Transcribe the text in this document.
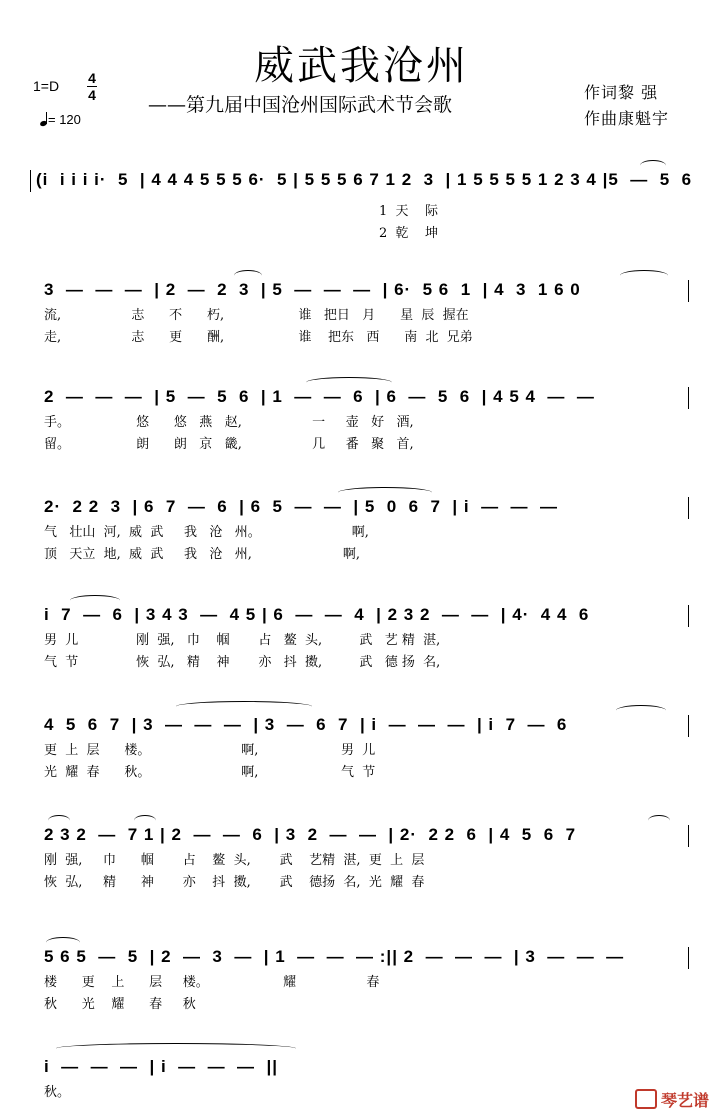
威武我沧州
——第九届中国沧州国际武术节会歌
作词黎 强
作曲康魁宇
1=D 4
4
= 120
(i  i i i i·  5  | 4 4 4 5 5 5 6·  5 | 5 5 5 6 7 1 2  3  | 1 5 5 5 5 1 2 3 4 |5  —  5  6
1  天    际
2  乾    坤
3  —  —  —  | 2  —  2  3  | 5  —  —  —  | 6·  5 6  1  | 4  3  1 6 0
流,                 志      不      朽,                  谁   把日   月      星  辰  握在
走,                 志      更      酬,                  谁    把东   西      南  北  兄弟
2  —  —  —  | 5  —  5  6  | 1  —  —  6  | 6  —  5  6  | 4 5 4  —  —
手。                悠      悠   燕   赵,                 一     壶   好   酒,
留。                朗      朗   京   畿,                 几     番   聚   首,
2·  2 2  3  | 6  7  —  6  | 6  5  —  —  | 5  0  6  7  | i  —  —  —
气   壮山  河,  威  武     我   沧   州。                      啊,
顶   天立  地,  威  武     我   沧   州,                      啊,
i  7  —  6  | 3 4 3  —  4 5 | 6  —  —  4  | 2 3 2  —  —  | 4·  4 4  6
男  儿              刚  强,   巾    帼       占   鳌  头,         武   艺 精  湛,
气  节              恢  弘,   精    神       亦   抖  擞,         武   德 扬  名,
4  5  6  7  | 3  —  —  —  | 3  —  6  7  | i  —  —  —  | i  7  —  6
更  上  层      楼。                      啊,                    男  儿
光  耀  春      秋。                      啊,                    气  节
2 3 2  —  7 1 | 2  —  —  6  | 3  2  —  —  | 2·  2 2  6  | 4  5  6  7
刚  强,     巾      帼       占    鳌  头,       武    艺精  湛,  更  上  层
恢  弘,     精      神       亦    抖  擞,       武    德扬  名,  光  耀  春
5 6 5  —  5  | 2  —  3  —  | 1  —  —  — :|| 2  —  —  —  | 3  —  —  —
楼      更    上      层     楼。                  耀                 春
秋      光    耀      春     秋
i  —  —  —  | i  —  —  —  ||
秋。	琴艺谱
